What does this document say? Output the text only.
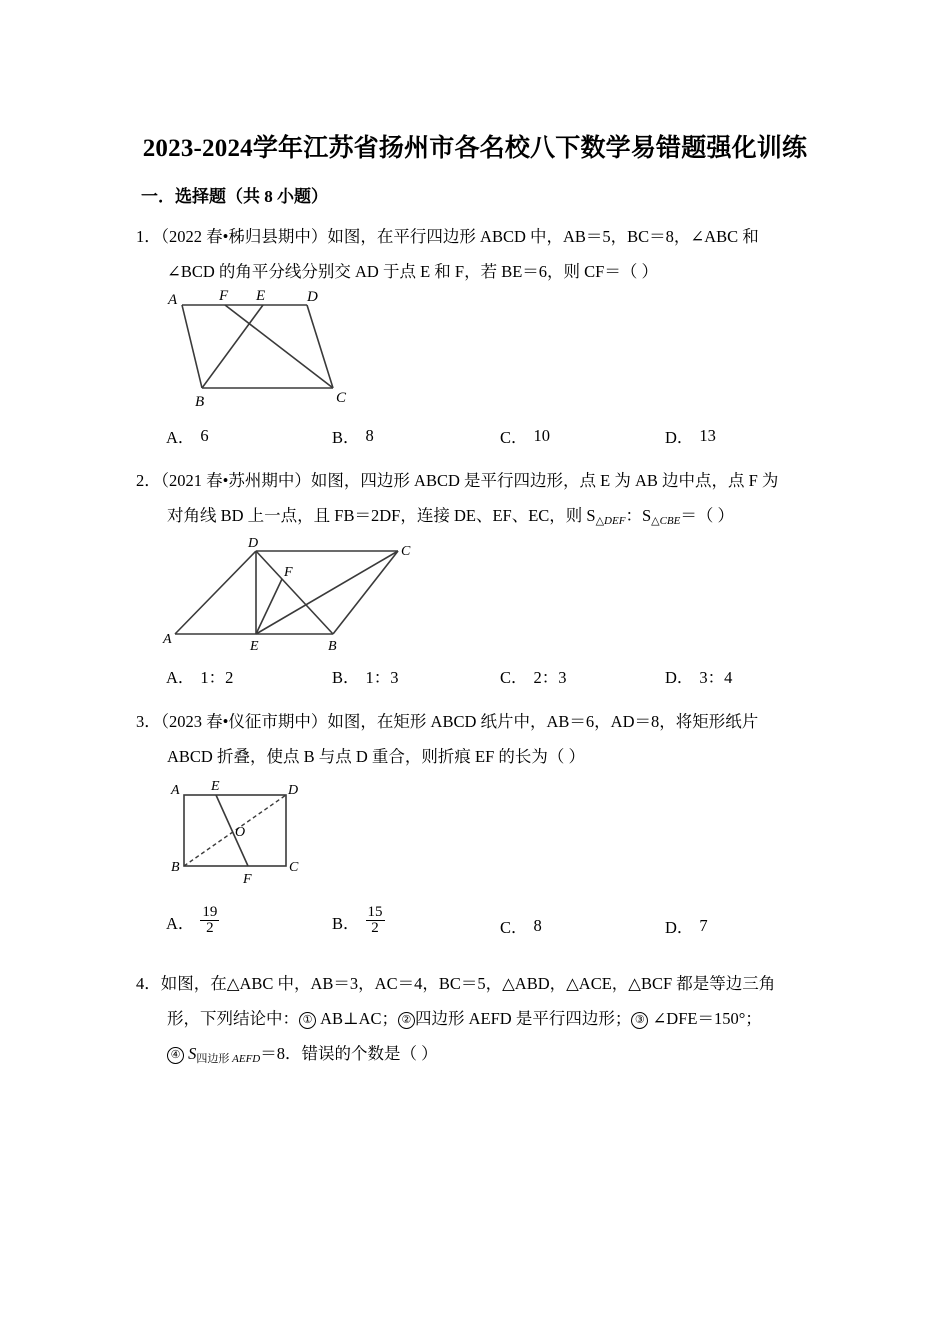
2023-2024学年江苏省扬州市各名校八下数学易错题强化训练
一．选择题（共 8 小题）
1．（2022 春•秭归县期中）如图，在平行四边形 ABCD 中，AB＝5，BC＝8，∠ABC 和
∠BCD 的角平分线分别交 AD 于点 E 和 F，若 BE＝6，则 CF＝（ ）
A	F E	D
B	C
A． 6	B． 8	C． 10	D． 13
2．（2021 春•苏州期中）如图，四边形 ABCD 是平行四边形，点 E 为 AB 边中点，点 F 为
对角线 BD 上一点，且 FB＝2DF，连接 DE、EF、EC，则 $S_{\triangle DEF}$：$S_{\triangle CBE}=$（ ）
D
C
F
A	E	B
A． 1：2	B． 1：3	C． 2：3	D． 3：4
3．（2023 春•仪征市期中）如图，在矩形 ABCD 纸片中，AB＝6，AD＝8，将矩形纸片
ABCD 折叠，使点 B 与点 D 重合，则折痕 EF 的长为（ ）
A E	D
O
B
F
C
A． $\frac{19}{2}$	B． $\frac{15}{2}$	C． 8	D． 7
4．如图，在△ABC 中，AB＝3，AC＝4，BC＝5，△ABD，△ACE，△BCF 都是等边三角
形，下列结论中： ① AB⊥AC； ② 四边形 AEFD 是平行四边形； ③ ∠DFE＝150°；
④ S四边形 $_{AEFD}$＝8．错误的个数是（ ）
